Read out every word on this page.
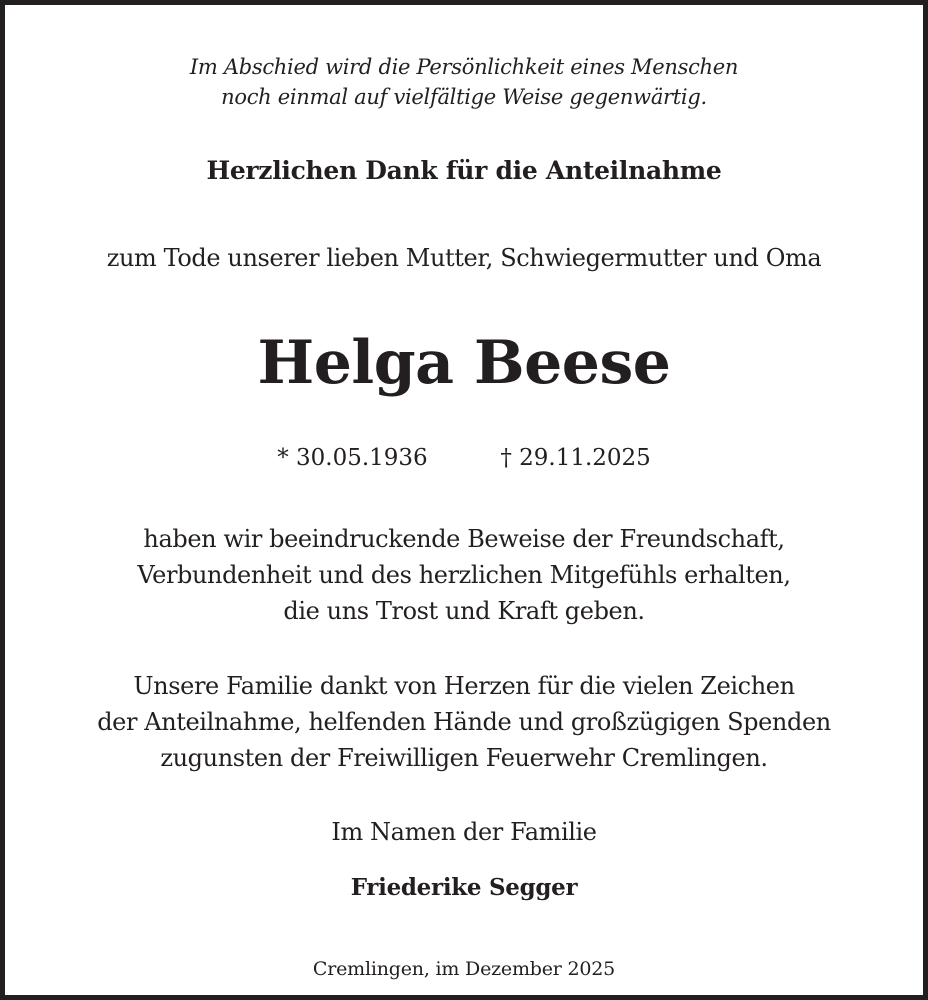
Im Abschied wird die Persönlichkeit eines Menschen
noch einmal auf vielfältige Weise gegenwärtig.
Herzlichen Dank für die Anteilnahme
zum Tode unserer lieben Mutter, Schwiegermutter und Oma
Helga Beese
* 30.05.1936	† 29.11.2025
haben wir beeindruckende Beweise der Freundschaft,
Verbundenheit und des herzlichen Mitgefühls erhalten,
die uns Trost und Kraft geben.
Unsere Familie dankt von Herzen für die vielen Zeichen
der Anteilnahme, helfenden Hände und großzügigen Spenden
zugunsten der Freiwilligen Feuerwehr Cremlingen.
Im Namen der Familie
Friederike Segger
Cremlingen, im Dezember 2025
